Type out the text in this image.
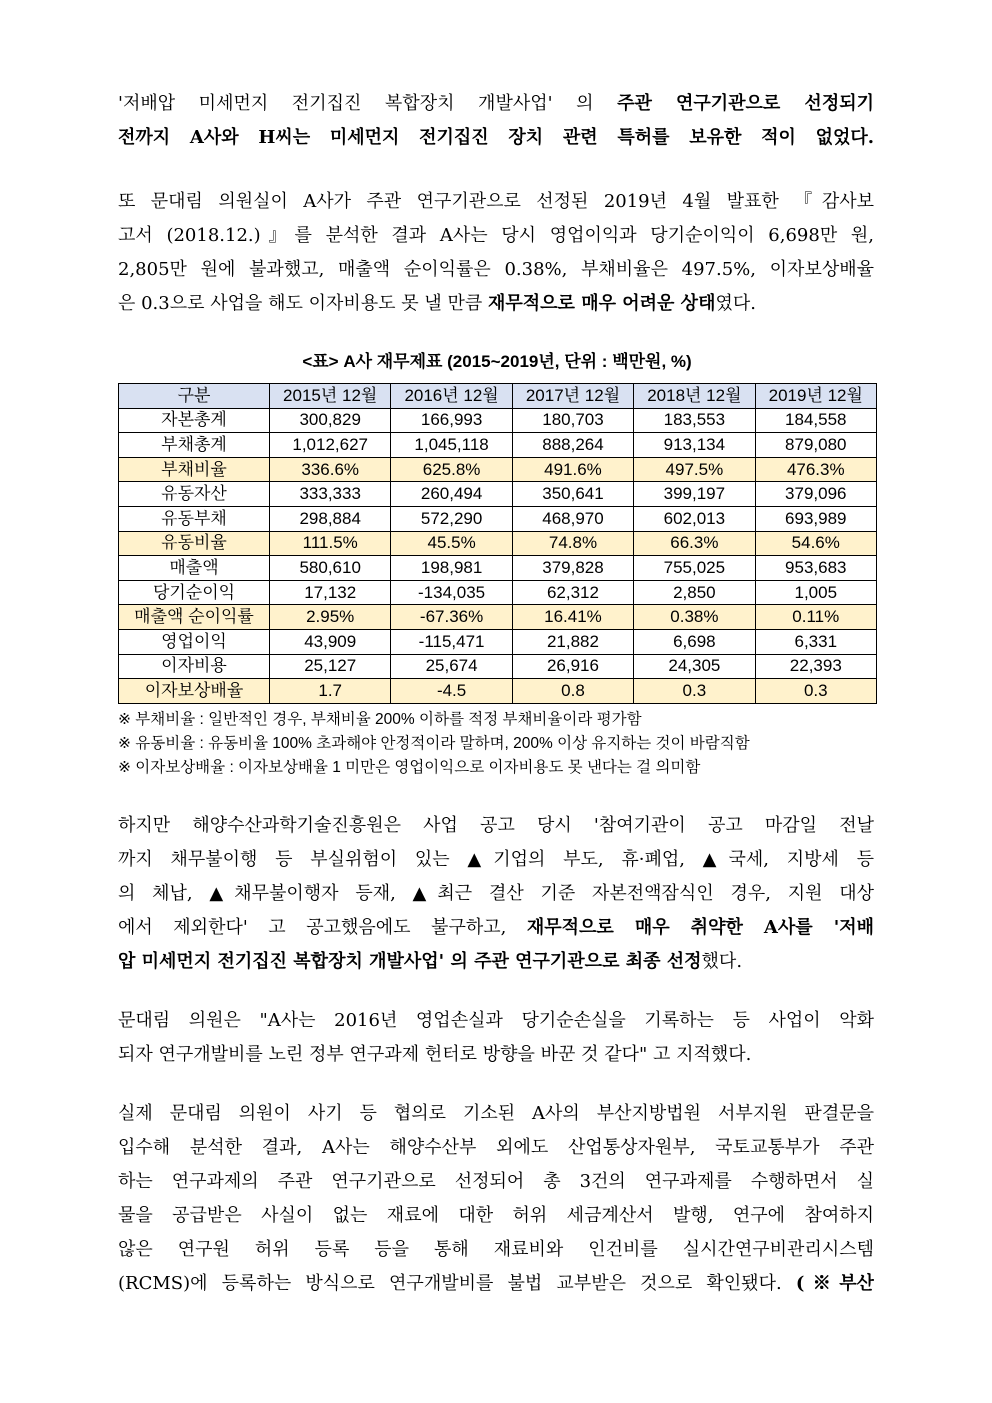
'저배압 미세먼지 전기집진 복합장치 개발사업' 의 주관 연구기관으로 선정되기
전까지 A사와 H씨는 미세먼지 전기집진 장치 관련 특허를 보유한 적이 없었다.
또 문대림 의원실이 A사가 주관 연구기관으로 선정된 2019년 4월 발표한 『감사보
고서 (2018.12.)』를 분석한 결과 A사는 당시 영업이익과 당기순이익이 6,698만 원,
2,805만 원에 불과했고, 매출액 순이익률은 0.38%, 부채비율은 497.5%, 이자보상배율
은 0.3으로 사업을 해도 이자비용도 못 낼 만큼 재무적으로 매우 어려운 상태였다.
<표> A사 재무제표 (2015~2019년, 단위 : 백만원, %)
구분	2015년 12월	2016년 12월	2017년 12월	2018년 12월	2019년 12월
자본총계	300,829	166,993	180,703	183,553	184,558
부채총계	1,012,627	1,045,118	888,264	913,134	879,080
부채비율	336.6%	625.8%	491.6%	497.5%	476.3%
유동자산	333,333	260,494	350,641	399,197	379,096
유동부채	298,884	572,290	468,970	602,013	693,989
유동비율	111.5%	45.5%	74.8%	66.3%	54.6%
매출액	580,610	198,981	379,828	755,025	953,683
당기순이익	17,132	-134,035	62,312	2,850	1,005
매출액 순이익률	2.95%	-67.36%	16.41%	0.38%	0.11%
영업이익	43,909	-115,471	21,882	6,698	6,331
이자비용	25,127	25,674	26,916	24,305	22,393
이자보상배율	1.7	-4.5	0.8	0.3	0.3
※ 부채비율 : 일반적인 경우, 부채비율 200% 이하를 적정 부채비율이라 평가함
※ 유동비율 : 유동비율 100% 초과해야 안정적이라 말하며, 200% 이상 유지하는 것이 바람직함
※ 이자보상배율 : 이자보상배율 1 미만은 영업이익으로 이자비용도 못 낸다는 걸 의미함
하지만 해양수산과학기술진흥원은 사업 공고 당시 '참여기관이 공고 마감일 전날
까지 채무불이행 등 부실위험이 있는 ▲기업의 부도, 휴·폐업, ▲국세, 지방세 등
의 체납, ▲채무불이행자 등재, ▲최근 결산 기준 자본전액잠식인 경우, 지원 대상
에서 제외한다' 고 공고했음에도 불구하고, 재무적으로 매우 취약한 A사를 '저배
압 미세먼지 전기집진 복합장치 개발사업' 의 주관 연구기관으로 최종 선정했다.
문대림 의원은 "A사는 2016년 영업손실과 당기순손실을 기록하는 등 사업이 악화
되자 연구개발비를 노린 정부 연구과제 헌터로 방향을 바꾼 것 같다" 고 지적했다.
실제 문대림 의원이 사기 등 협의로 기소된 A사의 부산지방법원 서부지원 판결문을
입수해 분석한 결과, A사는 해양수산부 외에도 산업통상자원부, 국토교통부가 주관
하는 연구과제의 주관 연구기관으로 선정되어 총 3건의 연구과제를 수행하면서 실
물을 공급받은 사실이 없는 재료에 대한 허위 세금계산서 발행, 연구에 참여하지
않은 연구원 허위 등록 등을 통해 재료비와 인건비를 실시간연구비관리시스템
(RCMS)에 등록하는 방식으로 연구개발비를 불법 교부받은 것으로 확인됐다. (※부산
